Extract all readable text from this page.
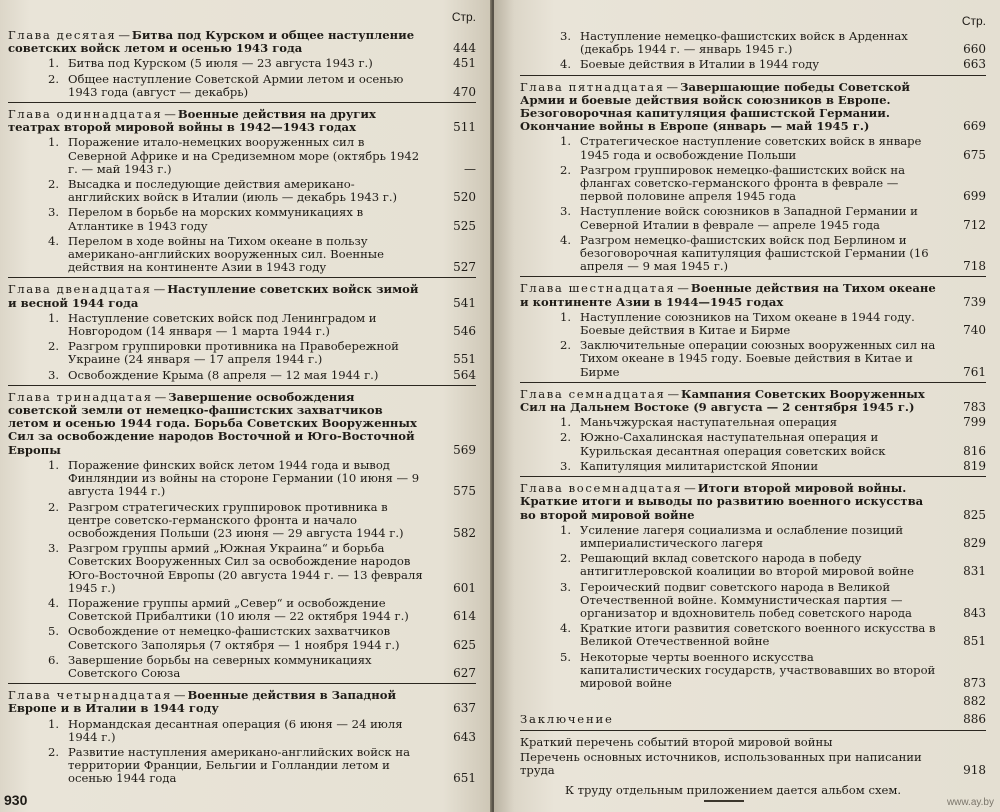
Стр.
Глава десятая — Битва под Курском и общее наступление советских войск летом и осенью 1943 года	444
1. Битва под Курском (5 июля — 23 августа 1943 г.)	451
2. Общее наступление Советской Армии летом и осенью 1943 года (август — декабрь)	470
Глава одиннадцатая — Военные действия на других театрах второй мировой войны в 1942—1943 годах	511
1. Поражение итало-немецких вооруженных сил в Северной Африке и на Средиземном море (октябрь 1942 г. — май 1943 г.)	—
2. Высадка и последующие действия американо-английских войск в Италии (июль — декабрь 1943 г.)	520
3. Перелом в борьбе на морских коммуникациях в Атлантике в 1943 году	525
4. Перелом в ходе войны на Тихом океане в пользу американо-английских вооруженных сил. Военные действия на континенте Азии в 1943 году	527
Глава двенадцатая — Наступление советских войск зимой и весной 1944 года	541
1. Наступление советских войск под Ленинградом и Новгородом (14 января — 1 марта 1944 г.)	546
2. Разгром группировки противника на Правобережной Украине (24 января — 17 апреля 1944 г.)	551
3. Освобождение Крыма (8 апреля — 12 мая 1944 г.)	564
Глава тринадцатая — Завершение освобождения советской земли от немецко-фашистских захватчиков летом и осенью 1944 года. Борьба Советских Вооруженных Сил за освобождение народов Восточной и Юго-Восточной Европы	569
1. Поражение финских войск летом 1944 года и вывод Финляндии из войны на стороне Германии (10 июня — 9 августа 1944 г.)	575
2. Разгром стратегических группировок противника в центре советско-германского фронта и начало освобождения Польши (23 июня — 29 августа 1944 г.)	582
3. Разгром группы армий „Южная Украина“ и борьба Советских Вооруженных Сил за освобождение народов Юго-Восточной Европы (20 августа 1944 г. — 13 февраля 1945 г.)	601
4. Поражение группы армий „Север“ и освобождение Советской Прибалтики (10 июля — 22 октября 1944 г.)	614
5. Освобождение от немецко-фашистских захватчиков Советского Заполярья (7 октября — 1 ноября 1944 г.)	625
6. Завершение борьбы на северных коммуникациях Советского Союза	627
Глава четырнадцатая — Военные действия в Западной Европе и в Италии в 1944 году	637
1. Нормандская десантная операция (6 июня — 24 июля 1944 г.)	643
2. Развитие наступления американо-английских войск на территории Франции, Бельгии и Голландии летом и осенью 1944 года	651
930
Стр.
3. Наступление немецко-фашистских войск в Арденнах (декабрь 1944 г. — январь 1945 г.)	660
4. Боевые действия в Италии в 1944 году	663
Глава пятнадцатая — Завершающие победы Советской Армии и боевые действия войск союзников в Европе. Безоговорочная капитуляция фашистской Германии. Окончание войны в Европе (январь — май 1945 г.)	669
1. Стратегическое наступление советских войск в январе 1945 года и освобождение Польши	675
2. Разгром группировок немецко-фашистских войск на флангах советско-германского фронта в феврале — первой половине апреля 1945 года	699
3. Наступление войск союзников в Западной Германии и Северной Италии в феврале — апреле 1945 года	712
4. Разгром немецко-фашистских войск под Берлином и безоговорочная капитуляция фашистской Германии (16 апреля — 9 мая 1945 г.)	718
Глава шестнадцатая — Военные действия на Тихом океане и континенте Азии в 1944—1945 годах	739
1. Наступление союзников на Тихом океане в 1944 году. Боевые действия в Китае и Бирме	740
2. Заключительные операции союзных вооруженных сил на Тихом океане в 1945 году. Боевые действия в Китае и Бирме	761
Глава семнадцатая — Кампания Советских Вооруженных Сил на Дальнем Востоке (9 августа — 2 сентября 1945 г.)	783
1. Маньчжурская наступательная операция	799
2. Южно-Сахалинская наступательная операция и Курильская десантная операция советских войск	816
3. Капитуляция милитаристской Японии	819
Глава восемнадцатая — Итоги второй мировой войны. Краткие итоги и выводы по развитию военного искусства во второй мировой войне	825
1. Усиление лагеря социализма и ослабление позиций империалистического лагеря	829
2. Решающий вклад советского народа в победу антигитлеровской коалиции во второй мировой войне	831
3. Героический подвиг советского народа в Великой Отечественной войне. Коммунистическая партия — организатор и вдохновитель побед советского народа	843
4. Краткие итоги развития советского военного искусства в Великой Отечественной войне	851
5. Некоторые черты военного искусства капиталистических государств, участвовавших во второй мировой войне	873
882

Заключение	886
Краткий перечень событий второй мировой войны
Перечень основных источников, использованных при написании труда	918
К труду отдельным приложением дается альбом схем.
www.ay.by
